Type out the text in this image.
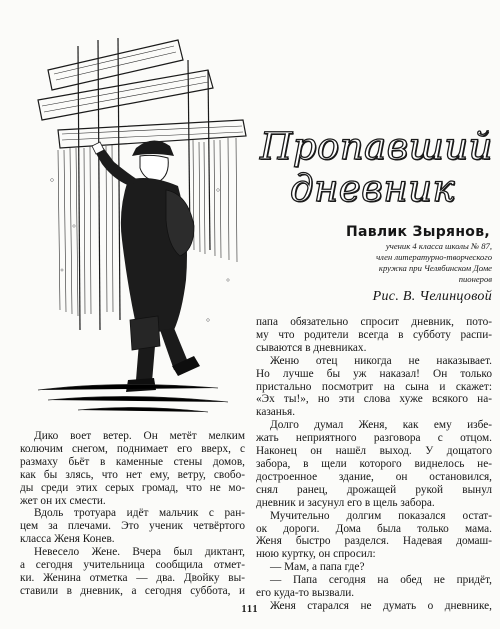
Пропавший
дневник
Павлик Зырянов,
ученик 4 класса школы № 87,
член литературно-творческого
кружка при Челябинском Доме
пионеров
Рис. В. Челинцовой
Дико воет ветер. Он метёт мелким
колючим снегом, поднимает его вверх, с
размаху бьёт в каменные стены домов,
как бы злясь, что нет ему, ветру, свобо-
ды среди этих серых громад, что не мо-
жет он их смести.
Вдоль тротуара идёт мальчик с ран-
цем за плечами. Это ученик четвёртого
класса Женя Конев.
Невесело Жене. Вчера был диктант,
а сегодня учительница сообщила отмет-
ки. Женина отметка — два. Двойку вы-
ставили в дневник, а сегодня суббота, и
папа обязательно спросит дневник, пото-
му что родители всегда в субботу распи-
сываются в дневниках.
Женю отец никогда не наказывает.
Но лучше бы уж наказал! Он только
пристально посмотрит на сына и скажет:
«Эх ты!», но эти слова хуже всякого на-
казанья.
Долго думал Женя, как ему избе-
жать неприятного разговора с отцом.
Наконец он нашёл выход. У дощатого
забора, в щели которого виднелось не-
достроенное здание, он остановился,
снял ранец, дрожащей рукой вынул
дневник и засунул его в щель забора.
Мучительно долгим показался остат-
ок дороги. Дома была только мама.
Женя быстро разделся. Надевая домаш-
нюю куртку, он спросил:
— Мам, а папа где?
— Папа сегодня на обед не придёт,
его куда-то вызвали.
Женя старался не думать о дневнике,
111
